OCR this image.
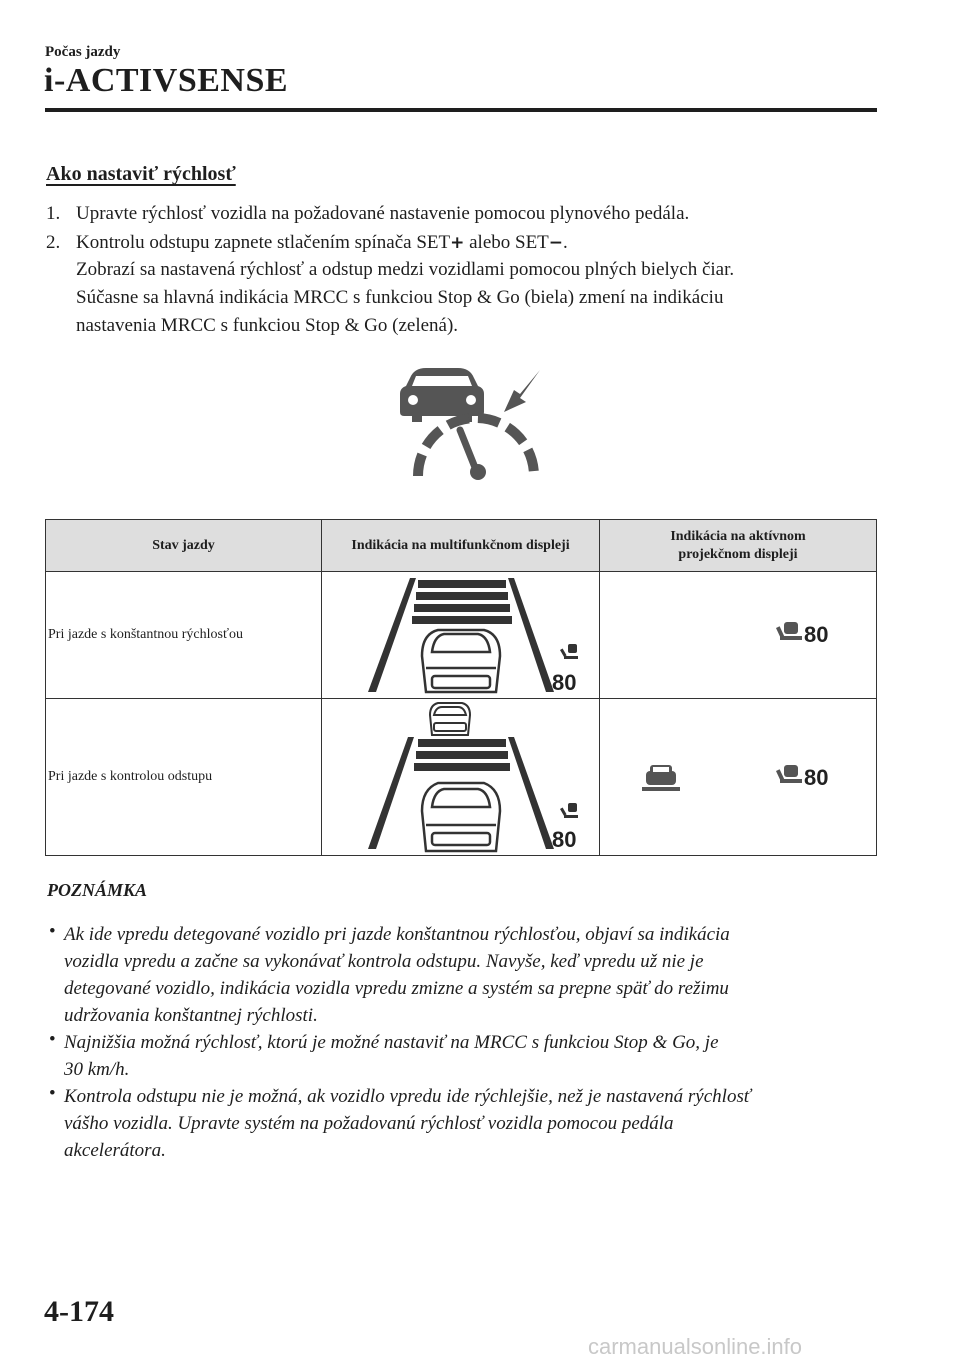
Počas jazdy
i-ACTIVSENSE
Ako nastaviť rýchlosť
1. Upravte rýchlosť vozidla na požadované nastavenie pomocou plynového pedála.
2. Kontrolu odstupu zapnete stlačením spínača SET+ alebo SET−.
Zobrazí sa nastavená rýchlosť a odstup medzi vozidlami pomocou plných bielych čiar.
Súčasne sa hlavná indikácia MRCC s funkciou Stop & Go (biela) zmení na indikáciu
nastavenia MRCC s funkciou Stop & Go (zelená).
Stav jazdy	Indikácia na multifunkčnom displeji	Indikácia na aktívnom projekčnom displeji

Pri jazde s konštantnou rýchlosťou	80	80

Pri jazde s kontrolou odstupu	80	80
POZNÁMKA
• Ak ide vpredu detegované vozidlo pri jazde konštantnou rýchlosťou, objaví sa indikácia
vozidla vpredu a začne sa vykonávať kontrola odstupu. Navyše, keď vpredu už nie je
detegované vozidlo, indikácia vozidla vpredu zmizne a systém sa prepne späť do režimu
udržovania konštantnej rýchlosti.
• Najnižšia možná rýchlosť, ktorú je možné nastaviť na MRCC s funkciou Stop & Go, je
30 km/h.
• Kontrola odstupu nie je možná, ak vozidlo vpredu ide rýchlejšie, než je nastavená rýchlosť
vášho vozidla. Upravte systém na požadovanú rýchlosť vozidla pomocou pedála
akcelerátora.
4-174
carmanualsonline.info
